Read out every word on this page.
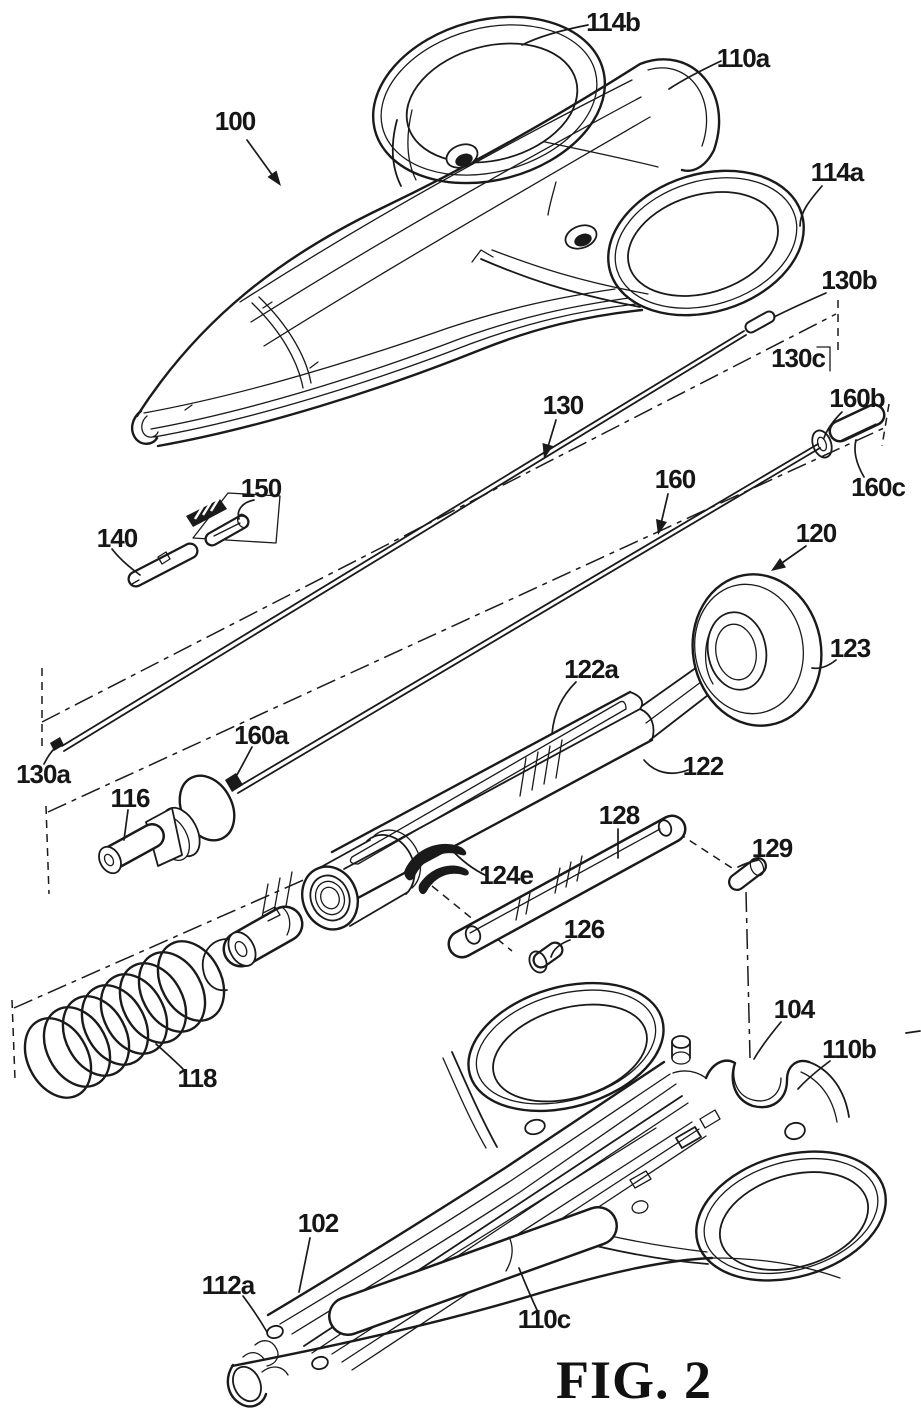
114b
110a
100
114a
130b
130c
130	160b
160	160c
150
140	120
123
122a
130a
160a
122
116
128
129
124e
126
104
110b
118
102
112a
110c
FIG. 2
